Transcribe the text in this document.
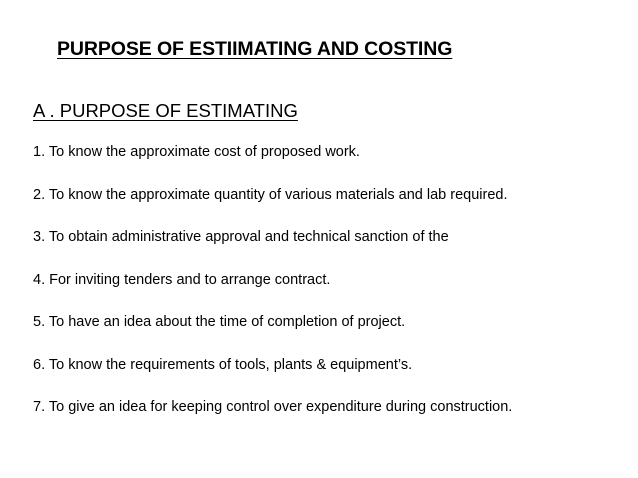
PURPOSE OF ESTIIMATING AND COSTING
A . PURPOSE OF ESTIMATING
1. To know the approximate cost of proposed work.
2. To know the approximate quantity of various materials and lab required.
3. To obtain administrative approval and technical sanction of the
4. For inviting tenders and to arrange contract.
5. To have an idea about the time of completion of project.
6. To know the requirements of tools, plants & equipment’s.
7. To give an idea for keeping control over expenditure during construction.
